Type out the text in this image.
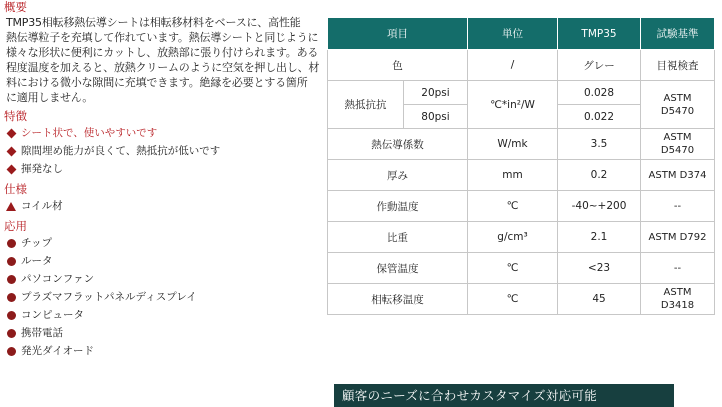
概要
TMP35相転移熱伝導シートは相転移材料をベースに、高性能
熱伝導粒子を充填して作れています。熱伝導シートと同じように
様々な形状に便利にカットし、放熱部に張り付けられます。ある
程度温度を加えると、放熱クリームのように空気を押し出し、材
料における微小な隙間に充填できます。絶縁を必要とする箇所
に適用しません。
特徴
シート状で、使いやすいです
隙間埋め能力が良くて、熱抵抗が低いです
揮発なし
仕様
コイル材
応用
チップ
ルータ
パソコンファン
プラズマフラットパネルディスプレイ
コンピュータ
携帯電話
発光ダイオード
項目		単位	TMP35	試験基準
色		/	グレー	目視検査
熱抵抗抗	20psi	℃*in²/W	0.028	ASTM
D5470

	80psi		0.022	
熱伝導係数		W/mk	3.5	ASTM
D5470

厚み		mm	0.2	ASTM D374
作動温度		℃	-40~+200	--
比重		g/cm³	2.1	ASTM D792
保管温度		℃	<23	--
相転移温度		℃	45	ASTM
D3418
顧客のニーズに合わせカスタマイズ対応可能
